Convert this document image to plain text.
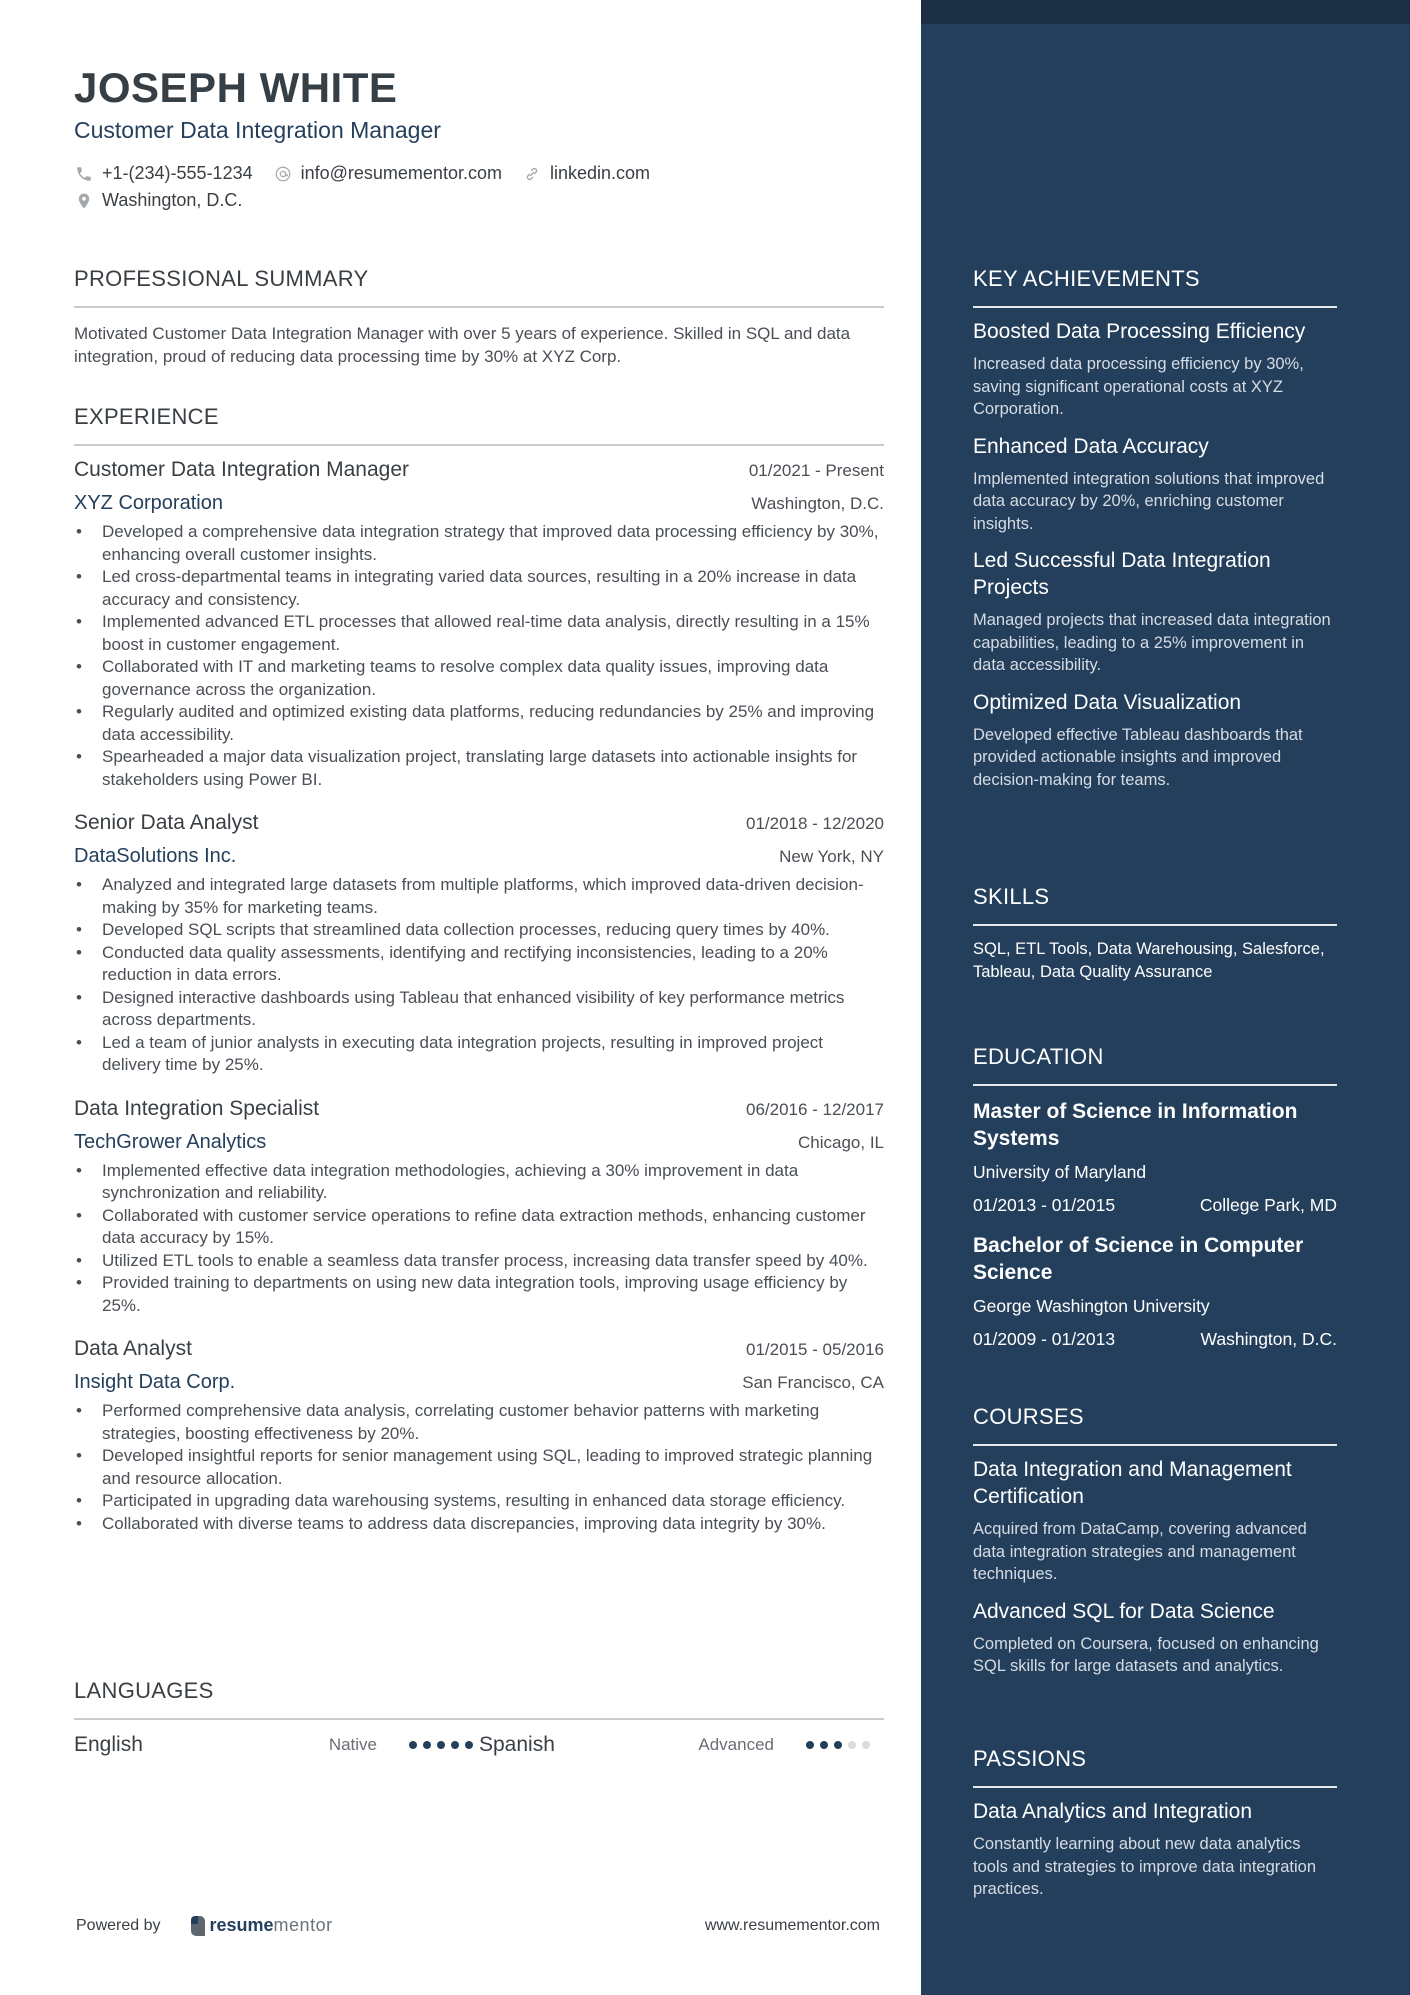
JOSEPH WHITE
Customer Data Integration Manager
+1-(234)-555-1234	info@resumementor.com	linkedin.com
Washington, D.C.
PROFESSIONAL SUMMARY
Motivated Customer Data Integration Manager with over 5 years of experience. Skilled in SQL and data integration, proud of reducing data processing time by 30% at XYZ Corp.
EXPERIENCE
Customer Data Integration Manager	01/2021 - Present
XYZ Corporation	Washington, D.C.
• Developed a comprehensive data integration strategy that improved data processing efficiency by 30%, enhancing overall customer insights.
• Led cross-departmental teams in integrating varied data sources, resulting in a 20% increase in data accuracy and consistency.
• Implemented advanced ETL processes that allowed real-time data analysis, directly resulting in a 15% boost in customer engagement.
• Collaborated with IT and marketing teams to resolve complex data quality issues, improving data governance across the organization.
• Regularly audited and optimized existing data platforms, reducing redundancies by 25% and improving data accessibility.
• Spearheaded a major data visualization project, translating large datasets into actionable insights for stakeholders using Power BI.
Senior Data Analyst	01/2018 - 12/2020
DataSolutions Inc.	New York, NY
• Analyzed and integrated large datasets from multiple platforms, which improved data-driven decision-making by 35% for marketing teams.
• Developed SQL scripts that streamlined data collection processes, reducing query times by 40%.
• Conducted data quality assessments, identifying and rectifying inconsistencies, leading to a 20% reduction in data errors.
• Designed interactive dashboards using Tableau that enhanced visibility of key performance metrics across departments.
• Led a team of junior analysts in executing data integration projects, resulting in improved project delivery time by 25%.
Data Integration Specialist	06/2016 - 12/2017
TechGrower Analytics	Chicago, IL
• Implemented effective data integration methodologies, achieving a 30% improvement in data synchronization and reliability.
• Collaborated with customer service operations to refine data extraction methods, enhancing customer data accuracy by 15%.
• Utilized ETL tools to enable a seamless data transfer process, increasing data transfer speed by 40%.
• Provided training to departments on using new data integration tools, improving usage efficiency by 25%.
Data Analyst	01/2015 - 05/2016
Insight Data Corp.	San Francisco, CA
• Performed comprehensive data analysis, correlating customer behavior patterns with marketing strategies, boosting effectiveness by 20%.
• Developed insightful reports for senior management using SQL, leading to improved strategic planning and resource allocation.
• Participated in upgrading data warehousing systems, resulting in enhanced data storage efficiency.
• Collaborated with diverse teams to address data discrepancies, improving data integrity by 30%.
LANGUAGES
English	Native	Spanish	Advanced
Powered by	resume mentor	www.resumementor.com
KEY ACHIEVEMENTS
Boosted Data Processing Efficiency
Increased data processing efficiency by 30%, saving significant operational costs at XYZ Corporation.
Enhanced Data Accuracy
Implemented integration solutions that improved data accuracy by 20%, enriching customer insights.
Led Successful Data Integration Projects
Managed projects that increased data integration capabilities, leading to a 25% improvement in data accessibility.
Optimized Data Visualization
Developed effective Tableau dashboards that provided actionable insights and improved decision-making for teams.
SKILLS
SQL, ETL Tools, Data Warehousing, Salesforce, Tableau, Data Quality Assurance
EDUCATION
Master of Science in Information Systems
University of Maryland
01/2013 - 01/2015	College Park, MD
Bachelor of Science in Computer Science
George Washington University
01/2009 - 01/2013	Washington, D.C.
COURSES
Data Integration and Management Certification
Acquired from DataCamp, covering advanced data integration strategies and management techniques.
Advanced SQL for Data Science
Completed on Coursera, focused on enhancing SQL skills for large datasets and analytics.
PASSIONS
Data Analytics and Integration
Constantly learning about new data analytics tools and strategies to improve data integration practices.
